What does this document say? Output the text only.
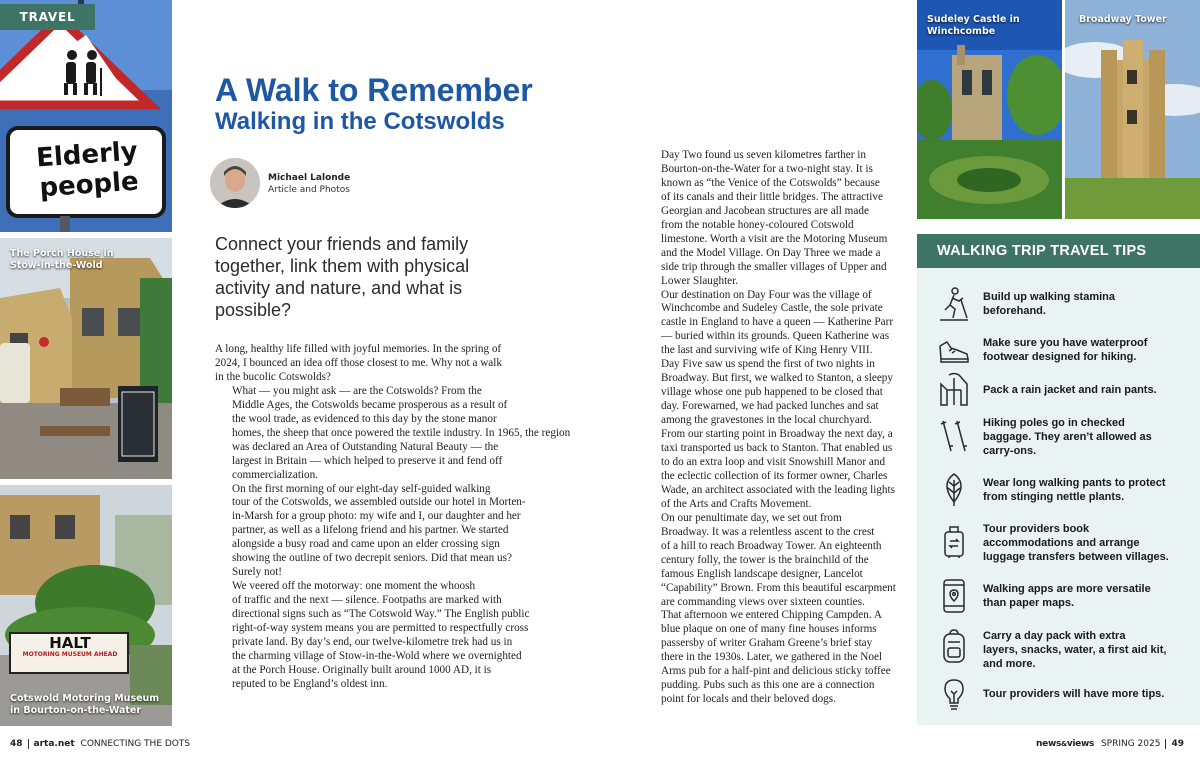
Elderly
people
TRAVEL
The Porch House in
Stow-in-the-Wold
HALT
MOTORING MUSEUM AHEAD
Cotswold Motoring Museum
in Bourton-on-the-Water
A Walk to Remember
Walking in the Cotswolds
Michael Lalonde
Article and Photos
Connect your friends and family together, link them with physical activity and nature, and what is possible?

A long, healthy life filled with joyful memories. In the spring of
2024, I bounced an idea off those closest to me. Why not a walk
in the bucolic Cotswolds?

What — you might ask — are the Cotswolds? From the
Middle Ages, the Cotswolds became prosperous as a result of
the wool trade, as evidenced to this day by the stone manor
homes, the sheep that once powered the textile industry. In 1965, the region
was declared an Area of Outstanding Natural Beauty — the
largest in Britain — which helped to preserve it and fend off
commercialization.

On the first morning of our eight-day self-guided walking
tour of the Cotswolds, we assembled outside our hotel in Morten-
in-Marsh for a group photo: my wife and I, our daughter and her
partner, as well as a lifelong friend and his partner. We started
alongside a busy road and came upon an elder crossing sign
showing the outline of two decrepit seniors. Did that mean us?
Surely not!

We veered off the motorway: one moment the whoosh
of traffic and the next — silence. Footpaths are marked with
directional signs such as “The Cotswold Way.” The English public
right-of-way system means you are permitted to respectfully cross
private land. By day’s end, our twelve-kilometre trek had us in
the charming village of Stow-in-the-Wold where we overnighted
at the Porch House. Originally built around 1000 AD, it is
reputed to be England’s oldest inn.

Day Two found us seven kilometres farther in
Bourton-on-the-Water for a two-night stay. It is
known as “the Venice of the Cotswolds” because
of its canals and their little bridges. The attractive
Georgian and Jacobean structures are all made
from the notable honey-coloured Cotswold
limestone. Worth a visit are the Motoring Museum
and the Model Village. On Day Three we made a
side trip through the smaller villages of Upper and
Lower Slaughter.

Our destination on Day Four was the village of
Winchcombe and Sudeley Castle, the sole private
castle in England to have a queen — Katherine Parr
— buried within its grounds. Queen Katherine was
the last and surviving wife of King Henry VIII.

Day Five saw us spend the first of two nights in
Broadway. But first, we walked to Stanton, a sleepy
village whose one pub happened to be closed that
day. Forewarned, we had packed lunches and sat
among the gravestones in the local churchyard.
From our starting point in Broadway the next day, a
taxi transported us back to Stanton. That enabled us
to do an extra loop and visit Snowshill Manor and
the eclectic collection of its former owner, Charles
Wade, an architect associated with the leading lights
of the Arts and Crafts Movement.

On our penultimate day, we set out from
Broadway. It was a relentless ascent to the crest
of a hill to reach Broadway Tower. An eighteenth
century folly, the tower is the brainchild of the
famous English landscape designer, Lancelot
“Capability” Brown. From this beautiful escarpment
are commanding views over sixteen counties.
That afternoon we entered Chipping Campden. A
blue plaque on one of many fine houses informs
passersby of writer Graham Greene’s brief stay
there in the 1930s. Later, we gathered in the Noel
Arms pub for a half-pint and delicious sticky toffee
pudding. Pubs such as this one are a connection
point for locals and their beloved dogs.

Sudeley Castle in
Winchcombe
Broadway Tower
WALKING TRIP TRAVEL TIPS
Build up walking stamina
beforehand.
Make sure you have waterproof
footwear designed for hiking.
Pack a rain jacket and rain pants.
Hiking poles go in checked
baggage. They aren’t allowed as
carry-ons.
Wear long walking pants to protect
from stinging nettle plants.
Tour providers book
accommodations and arrange
luggage transfers between villages.
Walking apps are more versatile
than paper maps.
Carry a day pack with extra
layers, snacks, water, a first aid kit,
and more.
Tour providers will have more tips.
48 arta.net CONNECTING THE DOTS	news&views SPRING 2025 49
